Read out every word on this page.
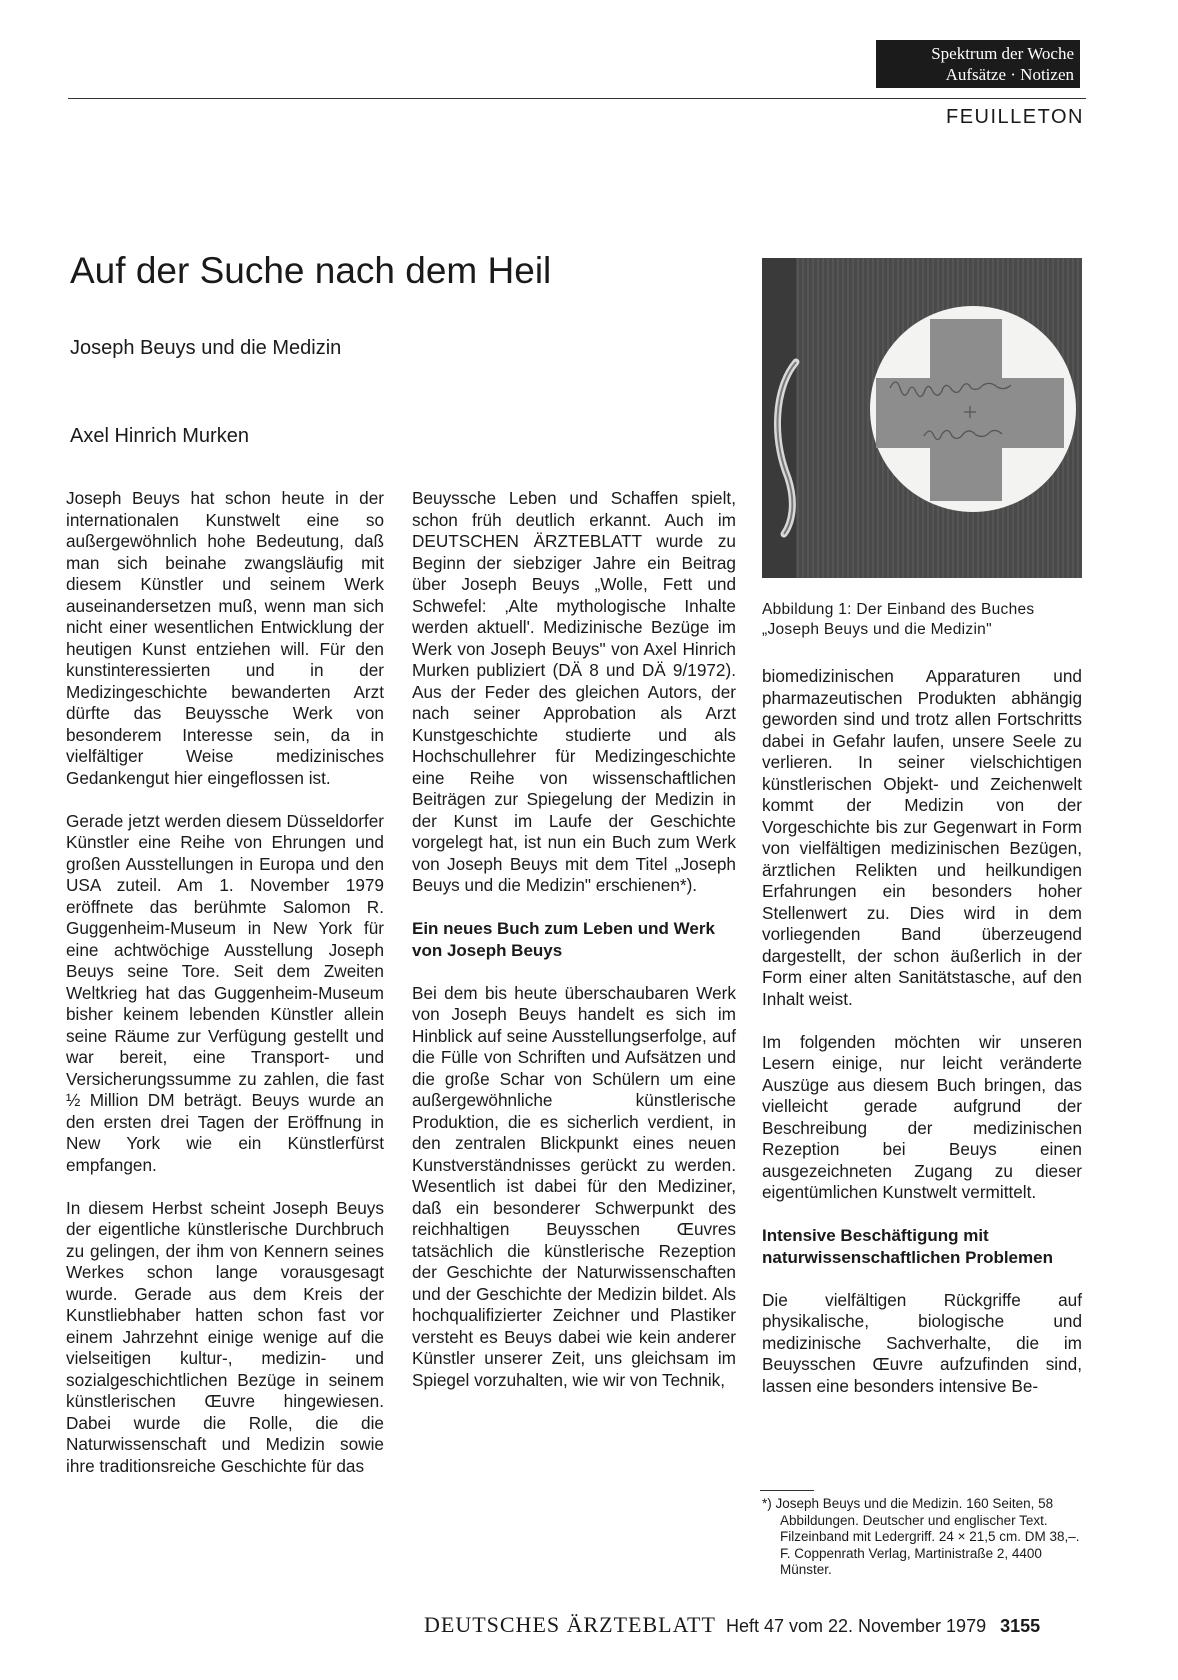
Spektrum der Woche
Aufsätze · Notizen
FEUILLETON
Auf der Suche nach dem Heil
Joseph Beuys und die Medizin
Axel Hinrich Murken

Joseph Beuys hat schon heute in der internationalen Kunstwelt eine so außergewöhnlich hohe Bedeutung, daß man sich beinahe zwangsläufig mit diesem Künstler und seinem Werk auseinandersetzen muß, wenn man sich nicht einer wesentlichen Entwicklung der heutigen Kunst entziehen will. Für den kunstinteressierten und in der Medizingeschichte bewanderten Arzt dürfte das Beuyssche Werk von besonderem Interesse sein, da in vielfältiger Weise medizinisches Gedankengut hier eingeflossen ist.

Gerade jetzt werden diesem Düsseldorfer Künstler eine Reihe von Ehrungen und großen Ausstellungen in Europa und den USA zuteil. Am 1. November 1979 eröffnete das berühmte Salomon R. Guggenheim-Museum in New York für eine achtwöchige Ausstellung Joseph Beuys seine Tore. Seit dem Zweiten Weltkrieg hat das Guggenheim-Museum bisher keinem lebenden Künstler allein seine Räume zur Verfügung gestellt und war bereit, eine Transport- und Versicherungssumme zu zahlen, die fast ½ Million DM beträgt. Beuys wurde an den ersten drei Tagen der Eröffnung in New York wie ein Künstlerfürst empfangen.

In diesem Herbst scheint Joseph Beuys der eigentliche künstlerische Durchbruch zu gelingen, der ihm von Kennern seines Werkes schon lange vorausgesagt wurde. Gerade aus dem Kreis der Kunstliebhaber hatten schon fast vor einem Jahrzehnt einige wenige auf die vielseitigen kultur-, medizin- und sozialgeschichtlichen Bezüge in seinem künstlerischen Œuvre hingewiesen. Dabei wurde die Rolle, die die Naturwissenschaft und Medizin sowie ihre traditionsreiche Geschichte für das

Beuyssche Leben und Schaffen spielt, schon früh deutlich erkannt. Auch im DEUTSCHEN ÄRZTEBLATT wurde zu Beginn der siebziger Jahre ein Beitrag über Joseph Beuys „Wolle, Fett und Schwefel: ‚Alte mythologische Inhalte werden aktuell'. Medizinische Bezüge im Werk von Joseph Beuys" von Axel Hinrich Murken publiziert (DÄ 8 und DÄ 9/1972). Aus der Feder des gleichen Autors, der nach seiner Approbation als Arzt Kunstgeschichte studierte und als Hochschullehrer für Medizingeschichte eine Reihe von wissenschaftlichen Beiträgen zur Spiegelung der Medizin in der Kunst im Laufe der Geschichte vorgelegt hat, ist nun ein Buch zum Werk von Joseph Beuys mit dem Titel „Joseph Beuys und die Medizin" erschienen*).

Ein neues Buch zum Leben und Werk von Joseph Beuys

Bei dem bis heute überschaubaren Werk von Joseph Beuys handelt es sich im Hinblick auf seine Ausstellungserfolge, auf die Fülle von Schriften und Aufsätzen und die große Schar von Schülern um eine außergewöhnliche künstlerische Produktion, die es sicherlich verdient, in den zentralen Blickpunkt eines neuen Kunstverständnisses gerückt zu werden. Wesentlich ist dabei für den Mediziner, daß ein besonderer Schwerpunkt des reichhaltigen Beuysschen Œuvres tatsächlich die künstlerische Rezeption der Geschichte der Naturwissenschaften und der Geschichte der Medizin bildet. Als hochqualifizierter Zeichner und Plastiker versteht es Beuys dabei wie kein anderer Künstler unserer Zeit, uns gleichsam im Spiegel vorzuhalten, wie wir von Technik,

Abbildung 1: Der Einband des Buches „Joseph Beuys und die Medizin"

biomedizinischen Apparaturen und pharmazeutischen Produkten abhängig geworden sind und trotz allen Fortschritts dabei in Gefahr laufen, unsere Seele zu verlieren. In seiner vielschichtigen künstlerischen Objekt- und Zeichenwelt kommt der Medizin von der Vorgeschichte bis zur Gegenwart in Form von vielfältigen medizinischen Bezügen, ärztlichen Relikten und heilkundigen Erfahrungen ein besonders hoher Stellenwert zu. Dies wird in dem vorliegenden Band überzeugend dargestellt, der schon äußerlich in der Form einer alten Sanitätstasche, auf den Inhalt weist.

Im folgenden möchten wir unseren Lesern einige, nur leicht veränderte Auszüge aus diesem Buch bringen, das vielleicht gerade aufgrund der Beschreibung der medizinischen Rezeption bei Beuys einen ausgezeichneten Zugang zu dieser eigentümlichen Kunstwelt vermittelt.

Intensive Beschäftigung mit naturwissenschaftlichen Problemen

Die vielfältigen Rückgriffe auf physikalische, biologische und medizinische Sachverhalte, die im Beuysschen Œuvre aufzufinden sind, lassen eine besonders intensive Be-

*) Joseph Beuys und die Medizin. 160 Seiten, 58 Abbildungen. Deutscher und englischer Text. Filzeinband mit Ledergriff. 24 × 21,5 cm. DM 38,–. F. Coppenrath Verlag, Martinistraße 2, 4400 Münster.
DEUTSCHES ÄRZTEBLATT Heft 47 vom 22. November 1979 3155
